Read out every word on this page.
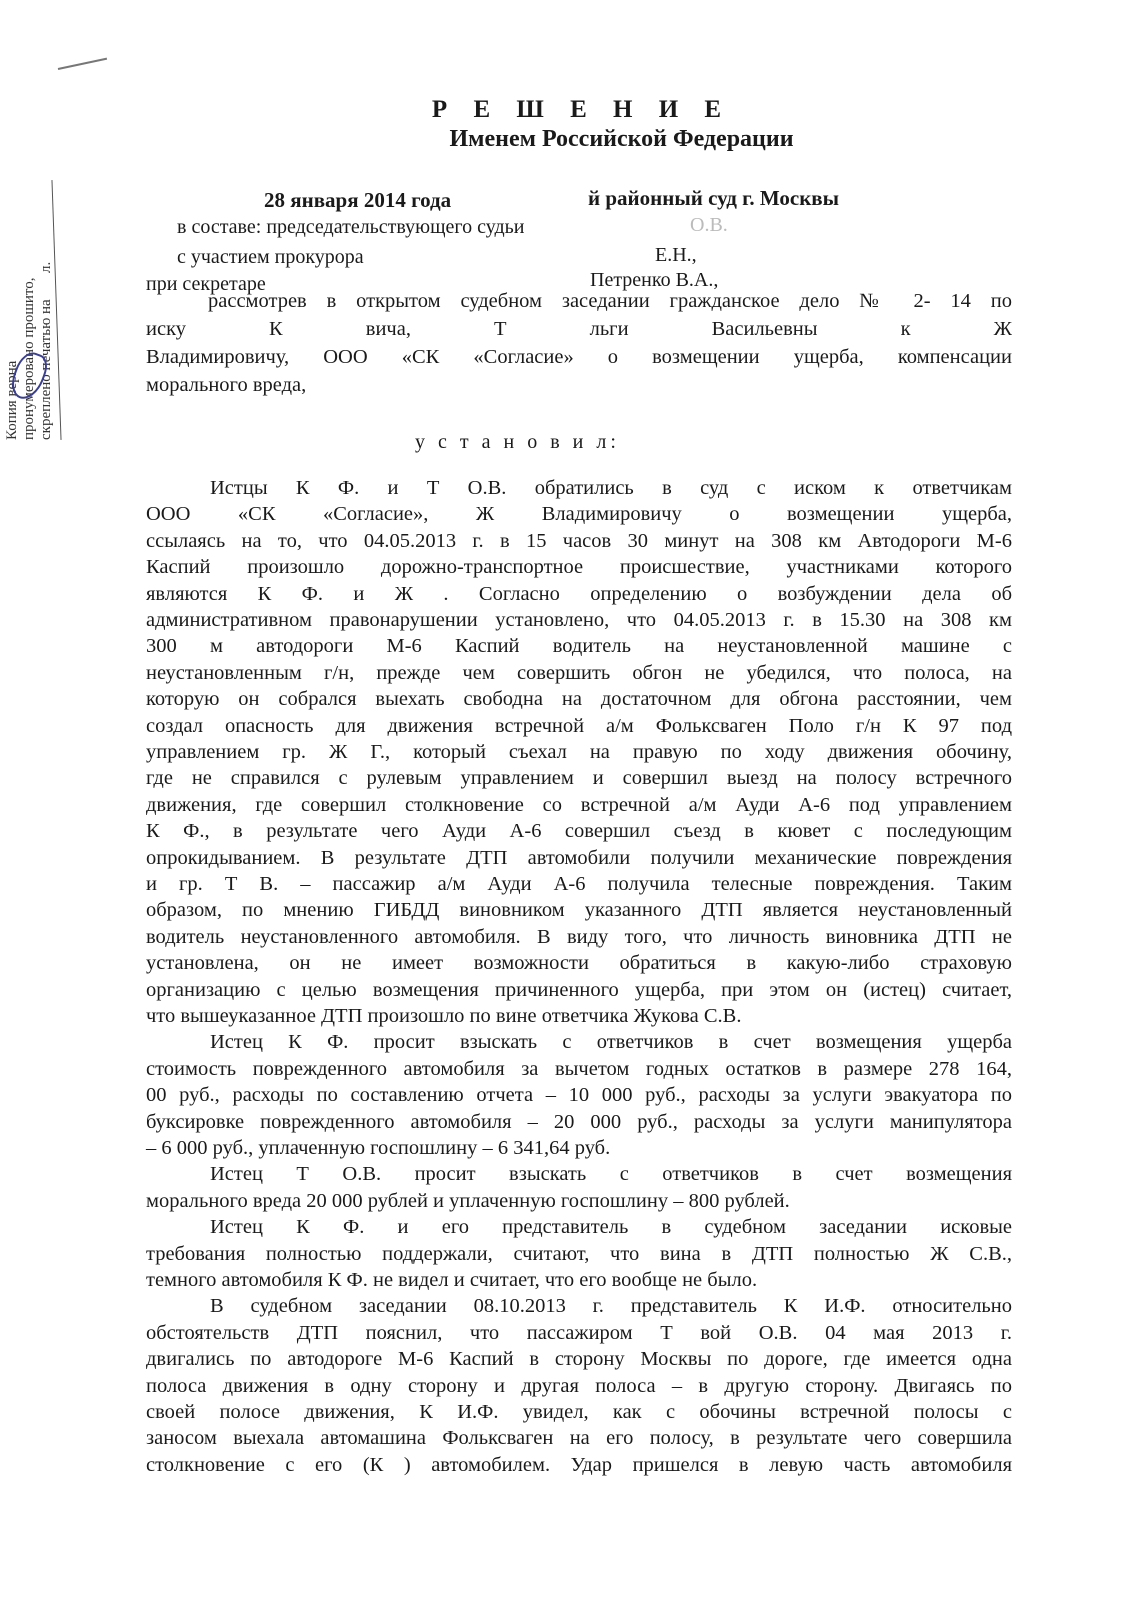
Р Е Ш Е Н И Е
Именем Российской Федерации
Копия верна пронумеровано прошито, скреплено печатью на       л.
28 января 2014 года	й районный суд г. Москвы
в составе: председательствующего судьи	О.В.
с участием прокурора	Е.Н.,
при секретаре	Петренко В.А.,
рассмотрев в открытом судебном заседании гражданское дело № 2- 14 по
иску К вича, Т льги Васильевны к Ж
Владимировичу, ООО «СК «Согласие» о возмещении ущерба, компенсации
морального вреда,
у с т а н о в и л:
Истцы К Ф. и Т О.В. обратились в суд с иском к ответчикам
ООО «СК «Согласие», Ж Владимировичу о возмещении ущерба,
ссылаясь на то, что 04.05.2013 г. в 15 часов 30 минут на 308 км Автодороги М-6
Каспий произошло дорожно-транспортное происшествие, участниками которого
являются К Ф. и Ж . Согласно определению о возбуждении дела об
административном правонарушении установлено, что 04.05.2013 г. в 15.30 на 308 км
300 м автодороги М-6 Каспий водитель на неустановленной машине с
неустановленным г/н, прежде чем совершить обгон не убедился, что полоса, на
которую он собрался выехать свободна на достаточном для обгона расстоянии, чем
создал опасность для движения встречной а/м Фольксваген Поло г/н К 97 под
управлением гр. Ж Г., который съехал на правую по ходу движения обочину,
где не справился с рулевым управлением и совершил выезд на полосу встречного
движения, где совершил столкновение со встречной а/м Ауди А-6 под управлением
К Ф., в результате чего Ауди А-6 совершил съезд в кювет с последующим
опрокидыванием. В результате ДТП автомобили получили механические повреждения
и гр. Т В. – пассажир а/м Ауди А-6 получила телесные повреждения. Таким
образом, по мнению ГИБДД виновником указанного ДТП является неустановленный
водитель неустановленного автомобиля. В виду того, что личность виновника ДТП не
установлена, он не имеет возможности обратиться в какую-либо страховую
организацию с целью возмещения причиненного ущерба, при этом он (истец) считает,
что вышеуказанное ДТП произошло по вине ответчика Жукова С.В.
Истец К Ф. просит взыскать с ответчиков в счет возмещения ущерба
стоимость поврежденного автомобиля за вычетом годных остатков в размере 278 164,
00 руб., расходы по составлению отчета – 10 000 руб., расходы за услуги эвакуатора по
буксировке поврежденного автомобиля – 20 000 руб., расходы за услуги манипулятора
– 6 000 руб., уплаченную госпошлину – 6 341,64 руб.
Истец Т О.В. просит взыскать с ответчиков в счет возмещения
морального вреда 20 000 рублей и уплаченную госпошлину – 800 рублей.
Истец К Ф. и его представитель в судебном заседании исковые
требования полностью поддержали, считают, что вина в ДТП полностью Ж С.В.,
темного автомобиля К Ф. не видел и считает, что его вообще не было.
В судебном заседании 08.10.2013 г. представитель К И.Ф. относительно
обстоятельств ДТП пояснил, что пассажиром Т вой О.В. 04 мая 2013 г.
двигались по автодороге М-6 Каспий в сторону Москвы по дороге, где имеется одна
полоса движения в одну сторону и другая полоса – в другую сторону. Двигаясь по
своей полосе движения, К И.Ф. увидел, как с обочины встречной полосы с
заносом выехала автомашина Фольксваген на его полосу, в результате чего совершила
столкновение с его (К ) автомобилем. Удар пришелся в левую часть автомобиля
